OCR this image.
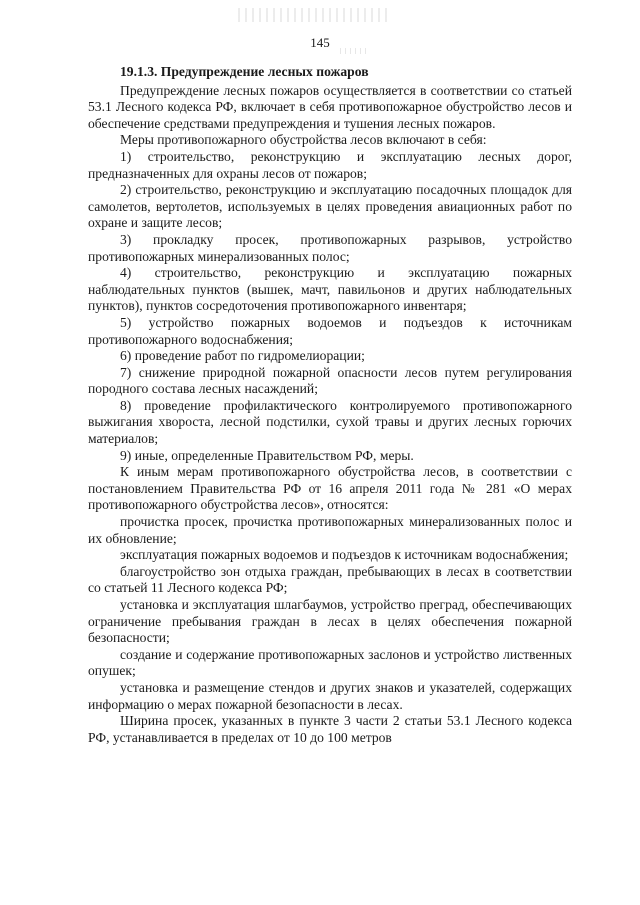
145
19.1.3. Предупреждение лесных пожаров

Предупреждение лесных пожаров осуществляется в соответствии со статьей 53.1 Лесного кодекса РФ, включает в себя противопожарное обустройство лесов и обеспечение средствами предупреждения и тушения лесных пожаров.

Меры противопожарного обустройства лесов включают в себя:

1) строительство, реконструкцию и эксплуатацию лесных дорог, предназначенных для охраны лесов от пожаров;

2) строительство, реконструкцию и эксплуатацию посадочных площадок для самолетов, вертолетов, используемых в целях проведения авиационных работ по охране и защите лесов;

3) прокладку просек, противопожарных разрывов, устройство противопожарных минерализованных полос;

4) строительство, реконструкцию и эксплуатацию пожарных наблюдательных пунктов (вышек, мачт, павильонов и других наблюдательных пунктов), пунктов сосредоточения противопожарного инвентаря;

5) устройство пожарных водоемов и подъездов к источникам противопожарного водоснабжения;

6) проведение работ по гидромелиорации;

7) снижение природной пожарной опасности лесов путем регулирования породного состава лесных насаждений;

8) проведение профилактического контролируемого противопожарного выжигания хвороста, лесной подстилки, сухой травы и других лесных горючих материалов;

9) иные, определенные Правительством РФ, меры.

К иным мерам противопожарного обустройства лесов, в соответствии с постановлением Правительства РФ от 16 апреля 2011 года № 281 «О мерах противопожарного обустройства лесов», относятся:

прочистка просек, прочистка противопожарных минерализованных полос и их обновление;

эксплуатация пожарных водоемов и подъездов к источникам водоснабжения;

благоустройство зон отдыха граждан, пребывающих в лесах в соответствии со статьей 11 Лесного кодекса РФ;

установка и эксплуатация шлагбаумов, устройство преград, обеспечивающих ограничение пребывания граждан в лесах в целях обеспечения пожарной безопасности;

создание и содержание противопожарных заслонов и устройство лиственных опушек;

установка и размещение стендов и других знаков и указателей, содержащих информацию о мерах пожарной безопасности в лесах.

Ширина просек, указанных в пункте 3 части 2 статьи 53.1 Лесного кодекса РФ, устанавливается в пределах от 10 до 100 метров
